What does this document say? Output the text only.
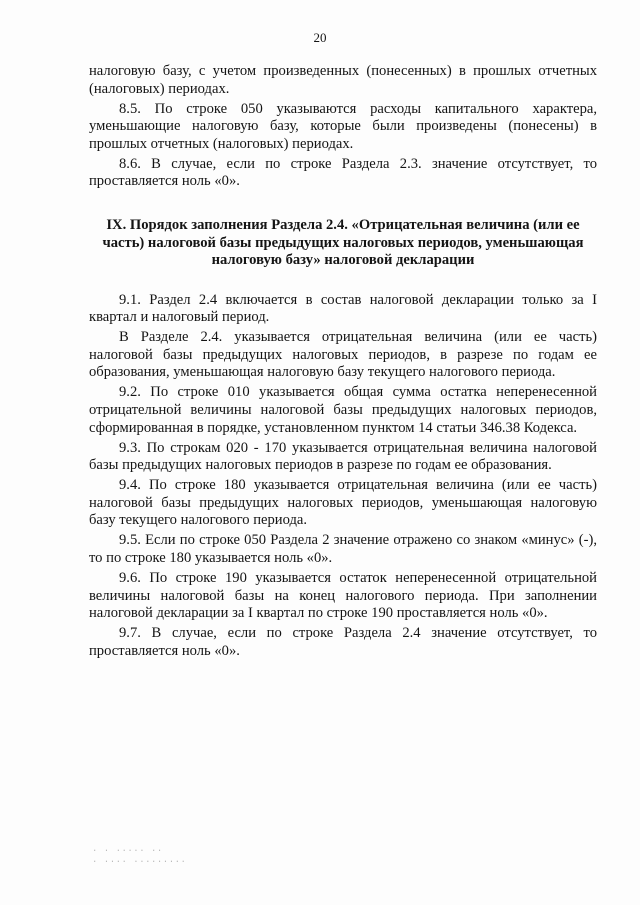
20

налоговую базу, с учетом произведенных (понесенных) в прошлых отчетных (налоговых) периодах.

8.5. По строке 050 указываются расходы капитального характера, уменьшающие налоговую базу, которые были произведены (понесены) в прошлых отчетных (налоговых) периодах.

8.6. В случае, если по строке Раздела 2.3. значение отсутствует, то проставляется ноль «0».

IX. Порядок заполнения Раздела 2.4. «Отрицательная величина (или ее часть) налоговой базы предыдущих налоговых периодов, уменьшающая налоговую базу» налоговой декларации

9.1. Раздел 2.4 включается в состав налоговой декларации только за I квартал и налоговый период.

В Разделе 2.4. указывается отрицательная величина (или ее часть) налоговой базы предыдущих налоговых периодов, в разрезе по годам ее образования, уменьшающая налоговую базу текущего налогового периода.

9.2. По строке 010 указывается общая сумма остатка неперенесенной отрицательной величины налоговой базы предыдущих налоговых периодов, сформированная в порядке, установленном пунктом 14 статьи 346.38 Кодекса.

9.3. По строкам 020 - 170 указывается отрицательная величина налоговой базы предыдущих налоговых периодов в разрезе по годам ее образования.

9.4. По строке 180 указывается отрицательная величина (или ее часть) налоговой базы предыдущих налоговых периодов, уменьшающая налоговую базу текущего налогового периода.

9.5. Если по строке 050 Раздела 2 значение отражено со знаком «минус» (-), то по строке 180 указывается ноль «0».

9.6. По строке 190 указывается остаток неперенесенной отрицательной величины налоговой базы на конец налогового периода. При заполнении налоговой декларации за I квартал по строке 190 проставляется ноль «0».

9.7. В случае, если по строке Раздела 2.4 значение отсутствует, то проставляется ноль «0».

· · ····· ··
· ···· ·········
